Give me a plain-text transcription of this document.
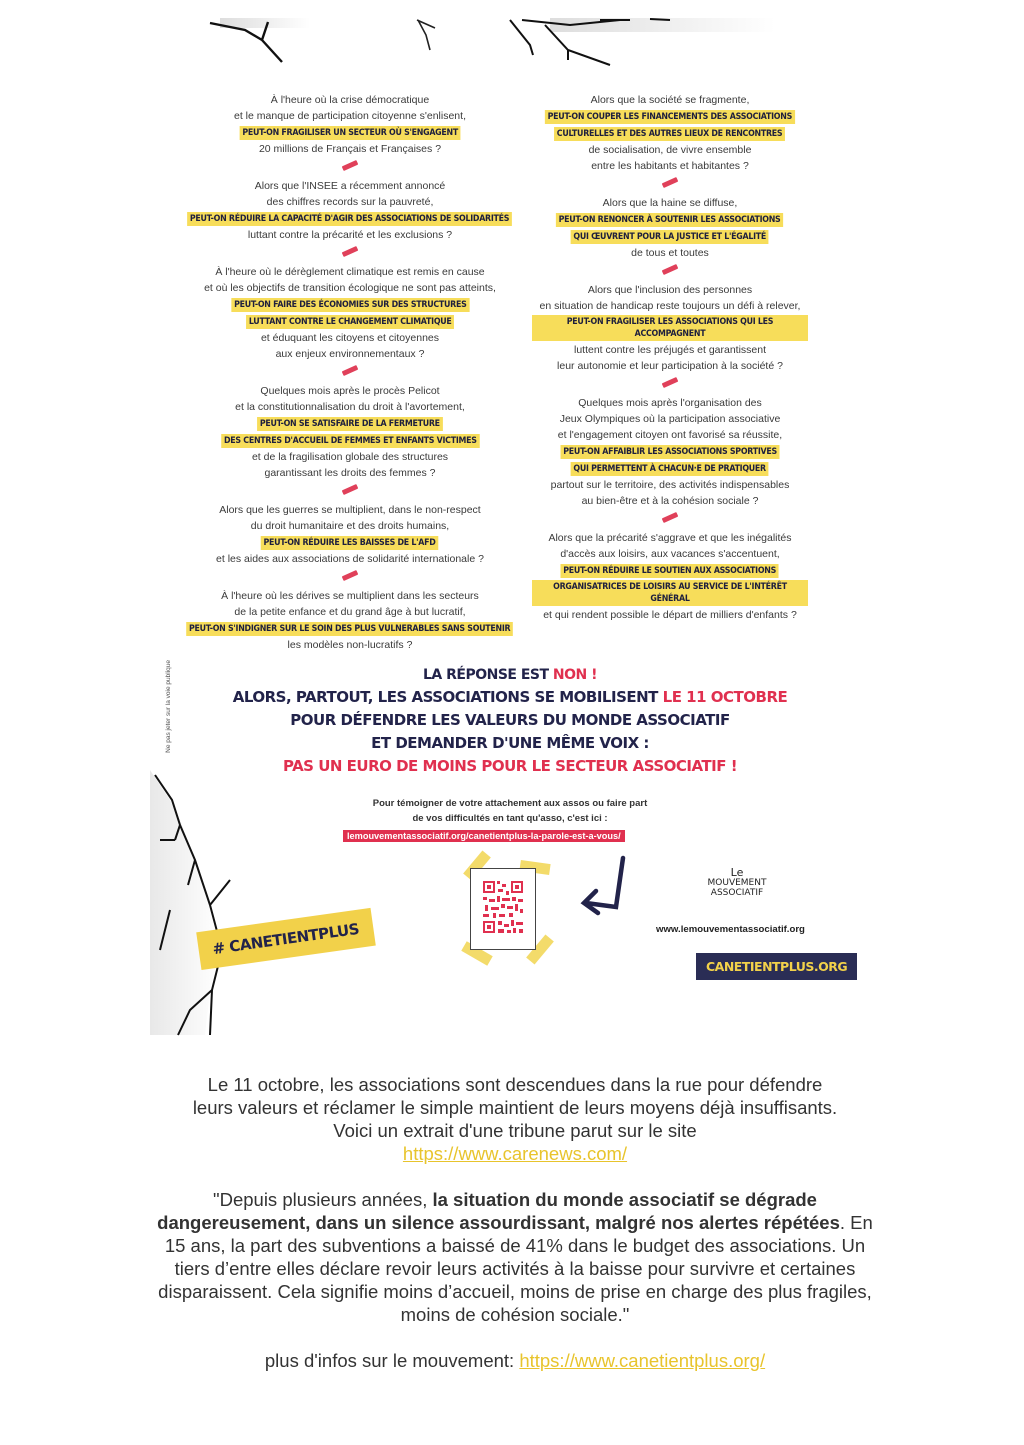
À l'heure où la crise démocratique
et le manque de participation citoyenne s'enlisent,
PEUT-ON FRAGILISER UN SECTEUR OÙ S'ENGAGENT
20 millions de Français et Françaises ?
Alors que l'INSEE a récemment annoncé
des chiffres records sur la pauvreté,
PEUT-ON RÉDUIRE LA CAPACITÉ D'AGIR DES ASSOCIATIONS DE SOLIDARITÉS
luttant contre la précarité et les exclusions ?
À l'heure où le dérèglement climatique est remis en cause
et où les objectifs de transition écologique ne sont pas atteints,
PEUT-ON FAIRE DES ÉCONOMIES SUR DES STRUCTURES
LUTTANT CONTRE LE CHANGEMENT CLIMATIQUE
et éduquant les citoyens et citoyennes
aux enjeux environnementaux ?
Quelques mois après le procès Pelicot
et la constitutionnalisation du droit à l'avortement,
PEUT-ON SE SATISFAIRE DE LA FERMETURE
DES CENTRES D'ACCUEIL DE FEMMES ET ENFANTS VICTIMES
et de la fragilisation globale des structures
garantissant les droits des femmes ?
Alors que les guerres se multiplient, dans le non-respect
du droit humanitaire et des droits humains,
PEUT-ON RÉDUIRE LES BAISSES DE L'AFD
et les aides aux associations de solidarité internationale ?
À l'heure où les dérives se multiplient dans les secteurs
de la petite enfance et du grand âge à but lucratif,
PEUT-ON S'INDIGNER SUR LE SOIN DES PLUS VULNERABLES SANS SOUTENIR
les modèles non-lucratifs ?
Alors que la société se fragmente,
PEUT-ON COUPER LES FINANCEMENTS DES ASSOCIATIONS
CULTURELLES ET DES AUTRES LIEUX DE RENCONTRES
de socialisation, de vivre ensemble
entre les habitants et habitantes ?
Alors que la haine se diffuse,
PEUT-ON RENONCER À SOUTENIR LES ASSOCIATIONS
QUI ŒUVRENT POUR LA JUSTICE ET L'ÉGALITÉ
de tous et toutes
Alors que l'inclusion des personnes
en situation de handicap reste toujours un défi à relever,
PEUT-ON FRAGILISER LES ASSOCIATIONS QUI LES ACCOMPAGNENT
luttent contre les préjugés et garantissent
leur autonomie et leur participation à la société ?
Quelques mois après l'organisation des
Jeux Olympiques où la participation associative
et l'engagement citoyen ont favorisé sa réussite,
PEUT-ON AFFAIBLIR LES ASSOCIATIONS SPORTIVES
QUI PERMETTENT À CHACUN·E DE PRATIQUER
partout sur le territoire, des activités indispensables
au bien-être et à la cohésion sociale ?
Alors que la précarité s'aggrave et que les inégalités
d'accès aux loisirs, aux vacances s'accentuent,
PEUT-ON RÉDUIRE LE SOUTIEN AUX ASSOCIATIONS
ORGANISATRICES DE LOISIRS AU SERVICE DE L'INTÉRÊT GÉNÉRAL
et qui rendent possible le départ de milliers d'enfants ?
Ne pas jeter sur la voie publique	LA RÉPONSE EST NON !
ALORS, PARTOUT, LES ASSOCIATIONS SE MOBILISENT LE 11 OCTOBRE
POUR DÉFENDRE LES VALEURS DU MONDE ASSOCIATIF
ET DEMANDER D'UNE MÊME VOIX :
PAS UN EURO DE MOINS POUR LE SECTEUR ASSOCIATIF !
Pour témoigner de votre attachement aux assos ou faire part
de vos difficultés en tant qu'asso, c'est ici :
lemouvementassociatif.org/canetientplus-la-parole-est-a-vous/
# CANETIENTPLUS
Le
MOUVEMENT
ASSOCIATIF
www.lemouvementassociatif.org
CANETIENTPLUS.ORG

Le 11 octobre, les associations sont descendues dans la rue pour défendre

leurs valeurs et réclamer le simple maintient de leurs moyens déjà insuffisants.

Voici un extrait d'une tribune parut sur le site

https://www.carenews.com/

"Depuis plusieurs années, la situation du monde associatif se dégrade dangereusement, dans un silence assourdissant, malgré nos alertes répétées. En 15 ans, la part des subventions a baissé de 41% dans le budget des associations. Un tiers d’entre elles déclare revoir leurs activités à la baisse pour survivre et certaines disparaissent. Cela signifie moins d’accueil, moins de prise en charge des plus fragiles, moins de cohésion sociale."

plus d'infos sur le mouvement: https://www.canetientplus.org/
